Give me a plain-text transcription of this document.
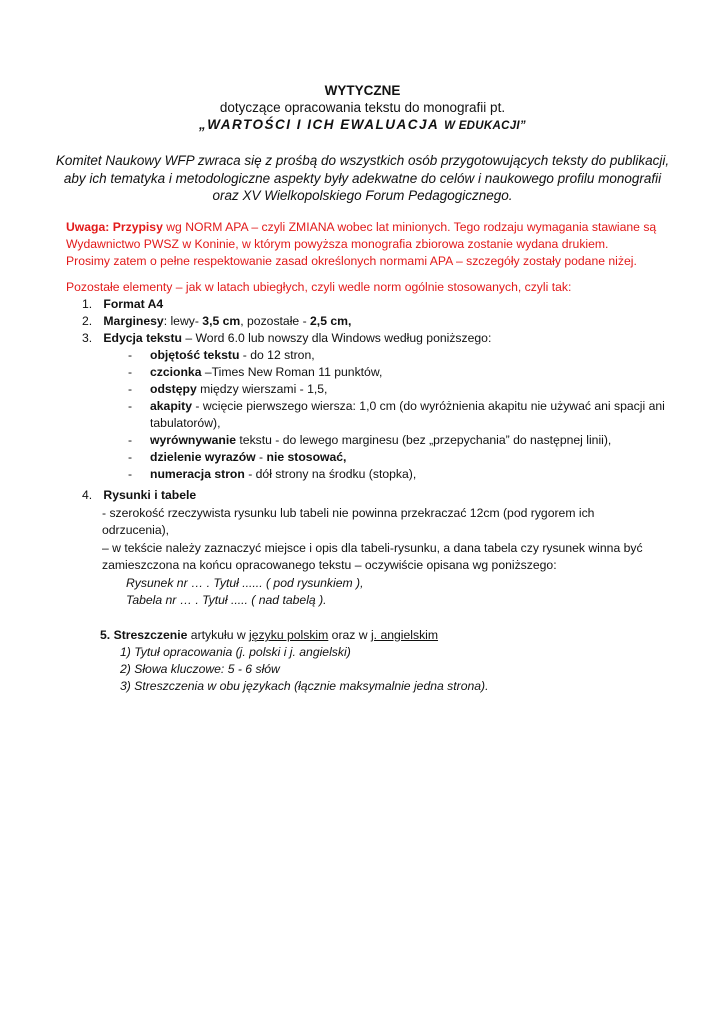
WYTYCZNE
dotyczące opracowania tekstu do monografii pt.
„WARTOŚCI I ICH EWALUACJA W EDUKACJI”
Komitet Naukowy WFP zwraca się z prośbą do wszystkich osób przygotowujących teksty do publikacji,
aby ich tematyka i metodologiczne aspekty były adekwatne do celów i naukowego profilu monografii
oraz XV Wielkopolskiego Forum Pedagogicznego.
Uwaga: Przypisy wg NORM APA – czyli ZMIANA wobec lat minionych. Tego rodzaju wymagania stawiane są
Wydawnictwo PWSZ w Koninie, w którym powyższa monografia zbiorowa zostanie wydana drukiem.
Prosimy zatem o pełne respektowanie zasad określonych normami APA – szczegóły zostały podane niżej.
Pozostałe elementy – jak w latach ubiegłych, czyli wedle norm ogólnie stosowanych, czyli tak:
1. Format A4
2. Marginesy: lewy- 3,5 cm, pozostałe - 2,5 cm,
3. Edycja tekstu – Word 6.0 lub nowszy dla Windows według poniższego:
- objętość tekstu - do 12 stron,
- czcionka –Times New Roman 11 punktów,
- odstępy między wierszami - 1,5,
- akapity - wcięcie pierwszego wiersza: 1,0 cm (do wyróżnienia akapitu nie używać ani spacji ani
tabulatorów),
- wyrównywanie tekstu - do lewego marginesu (bez „przepychania” do następnej linii),
- dzielenie wyrazów - nie stosować,
- numeracja stron - dół strony na środku (stopka),
4. Rysunki i tabele
- szerokość rzeczywista rysunku lub tabeli nie powinna przekraczać 12cm (pod rygorem ich
odrzucenia),
– w tekście należy zaznaczyć miejsce i opis dla tabeli-rysunku, a dana tabela czy rysunek winna być
zamieszczona na końcu opracowanego tekstu – oczywiście opisana wg poniższego:
Rysunek nr … . Tytuł ...... ( pod rysunkiem ),
Tabela nr … . Tytuł ..... ( nad tabelą ).
5. Streszczenie artykułu w języku polskim oraz w j. angielskim
1) Tytuł opracowania (j. polski i j. angielski)
2) Słowa kluczowe: 5 - 6 słów
3) Streszczenia w obu językach (łącznie maksymalnie jedna strona).
